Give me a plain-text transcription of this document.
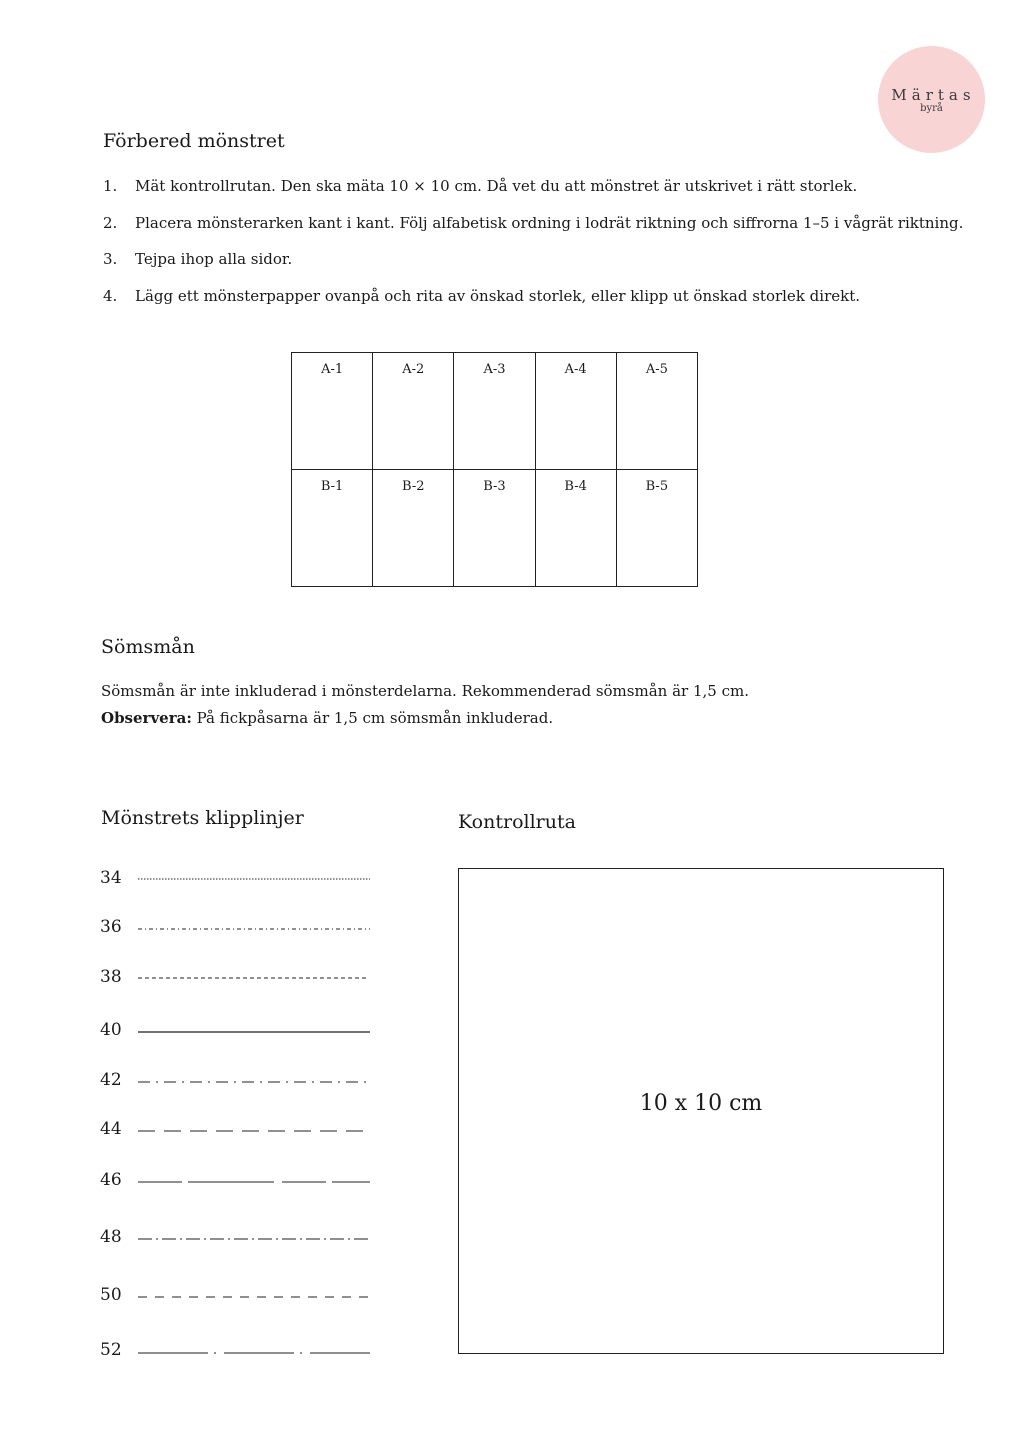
Märtas
byrå
Förbered mönstret
1.	Mät kontrollrutan. Den ska mäta 10 × 10 cm. Då vet du att mönstret är utskrivet i rätt storlek.
2.	Placera mönsterarken kant i kant. Följ alfabetisk ordning i lodrät riktning och siffrorna 1–5 i vågrät riktning.
3.	Tejpa ihop alla sidor.
4.	Lägg ett mönsterpapper ovanpå och rita av önskad storlek, eller klipp ut önskad storlek direkt.
A-1	A-2	A-3	A-4	A-5
B-1	B-2	B-3	B-4	B-5
Sömsmån
Sömsmån är inte inkluderad i mönsterdelarna. Rekommenderad sömsmån är 1,5 cm.
Observera: På fickpåsarna är 1,5 cm sömsmån inkluderad.
Mönstrets klipplinjer
34
36
38
40
42
44
46
48
50
52
Kontrollruta
10 x 10 cm
